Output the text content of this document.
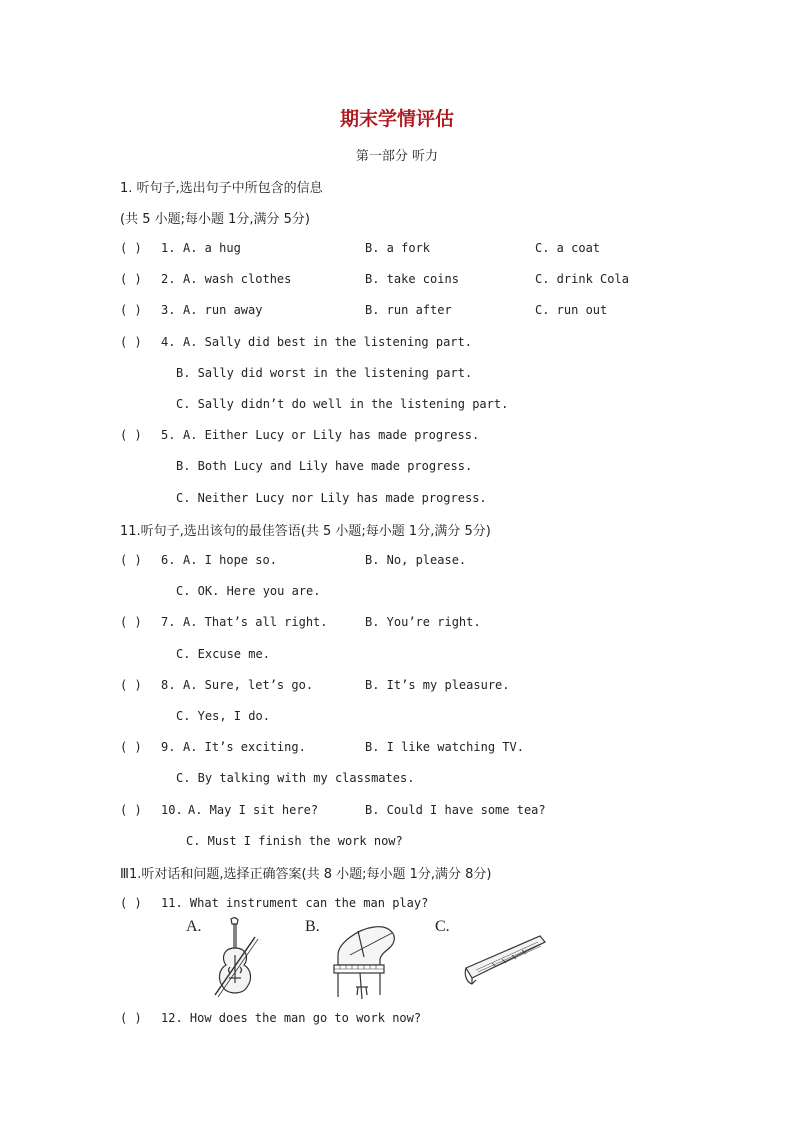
期末学情评估
第一部分 听力
1. 听句子,选出句子中所包含的信息
(共 5 小题;每小题 1分,满分 5分)
( ) 1. A. a hug	B. a fork	C. a coat
( ) 2. A. wash clothes	B. take coins	C. drink Cola
( ) 3. A. run away	B. run after	C. run out
( ) 4. A. Sally did best in the listening part.
B. Sally did worst in the listening part.
C. Sally didn’t do well in the listening part.
( ) 5. A. Either Lucy or Lily has made progress.
B. Both Lucy and Lily have made progress.
C. Neither Lucy nor Lily has made progress.
11.听句子,选出该句的最佳答语(共 5 小题;每小题 1分,满分 5分)
( ) 6. A. I hope so.	B. No, please.
C. OK. Here you are.
( ) 7. A. That’s all right.	B. You’re right.
C. Excuse me.
( ) 8. A. Sure, let’s go.	B. It’s my pleasure.
C. Yes, I do.
( ) 9. A. It’s exciting.	B. I like watching TV.
C. By talking with my classmates.
( ) 10. A. May I sit here?	B. Could I have some tea?
C. Must I finish the work now?
Ⅲ1.听对话和问题,选择正确答案(共 8 小题;每小题 1分,满分 8分)
( ) 11. What instrument can the man play?
A.	B.	C.
( ) 12. How does the man go to work now?
